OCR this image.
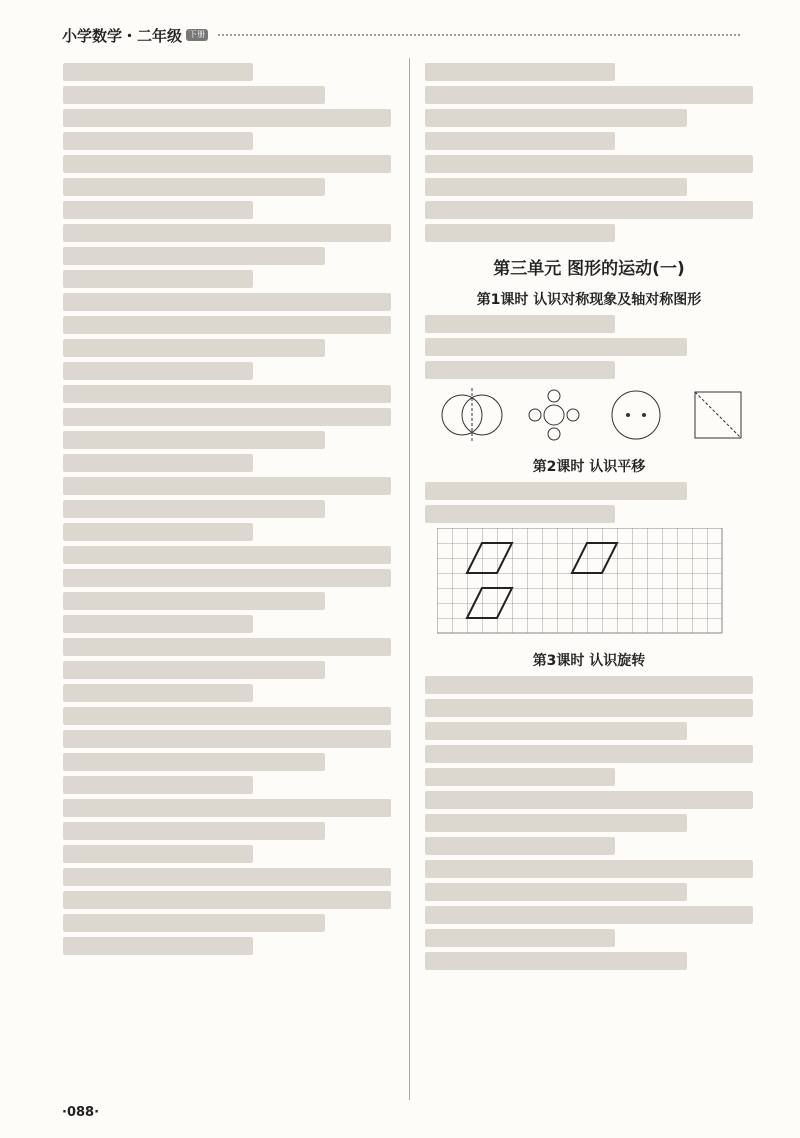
小学数学・二年级 下册
第三单元 图形的运动(一)
第1课时 认识对称现象及轴对称图形
第2课时 认识平移
第3课时 认识旋转
·088·
